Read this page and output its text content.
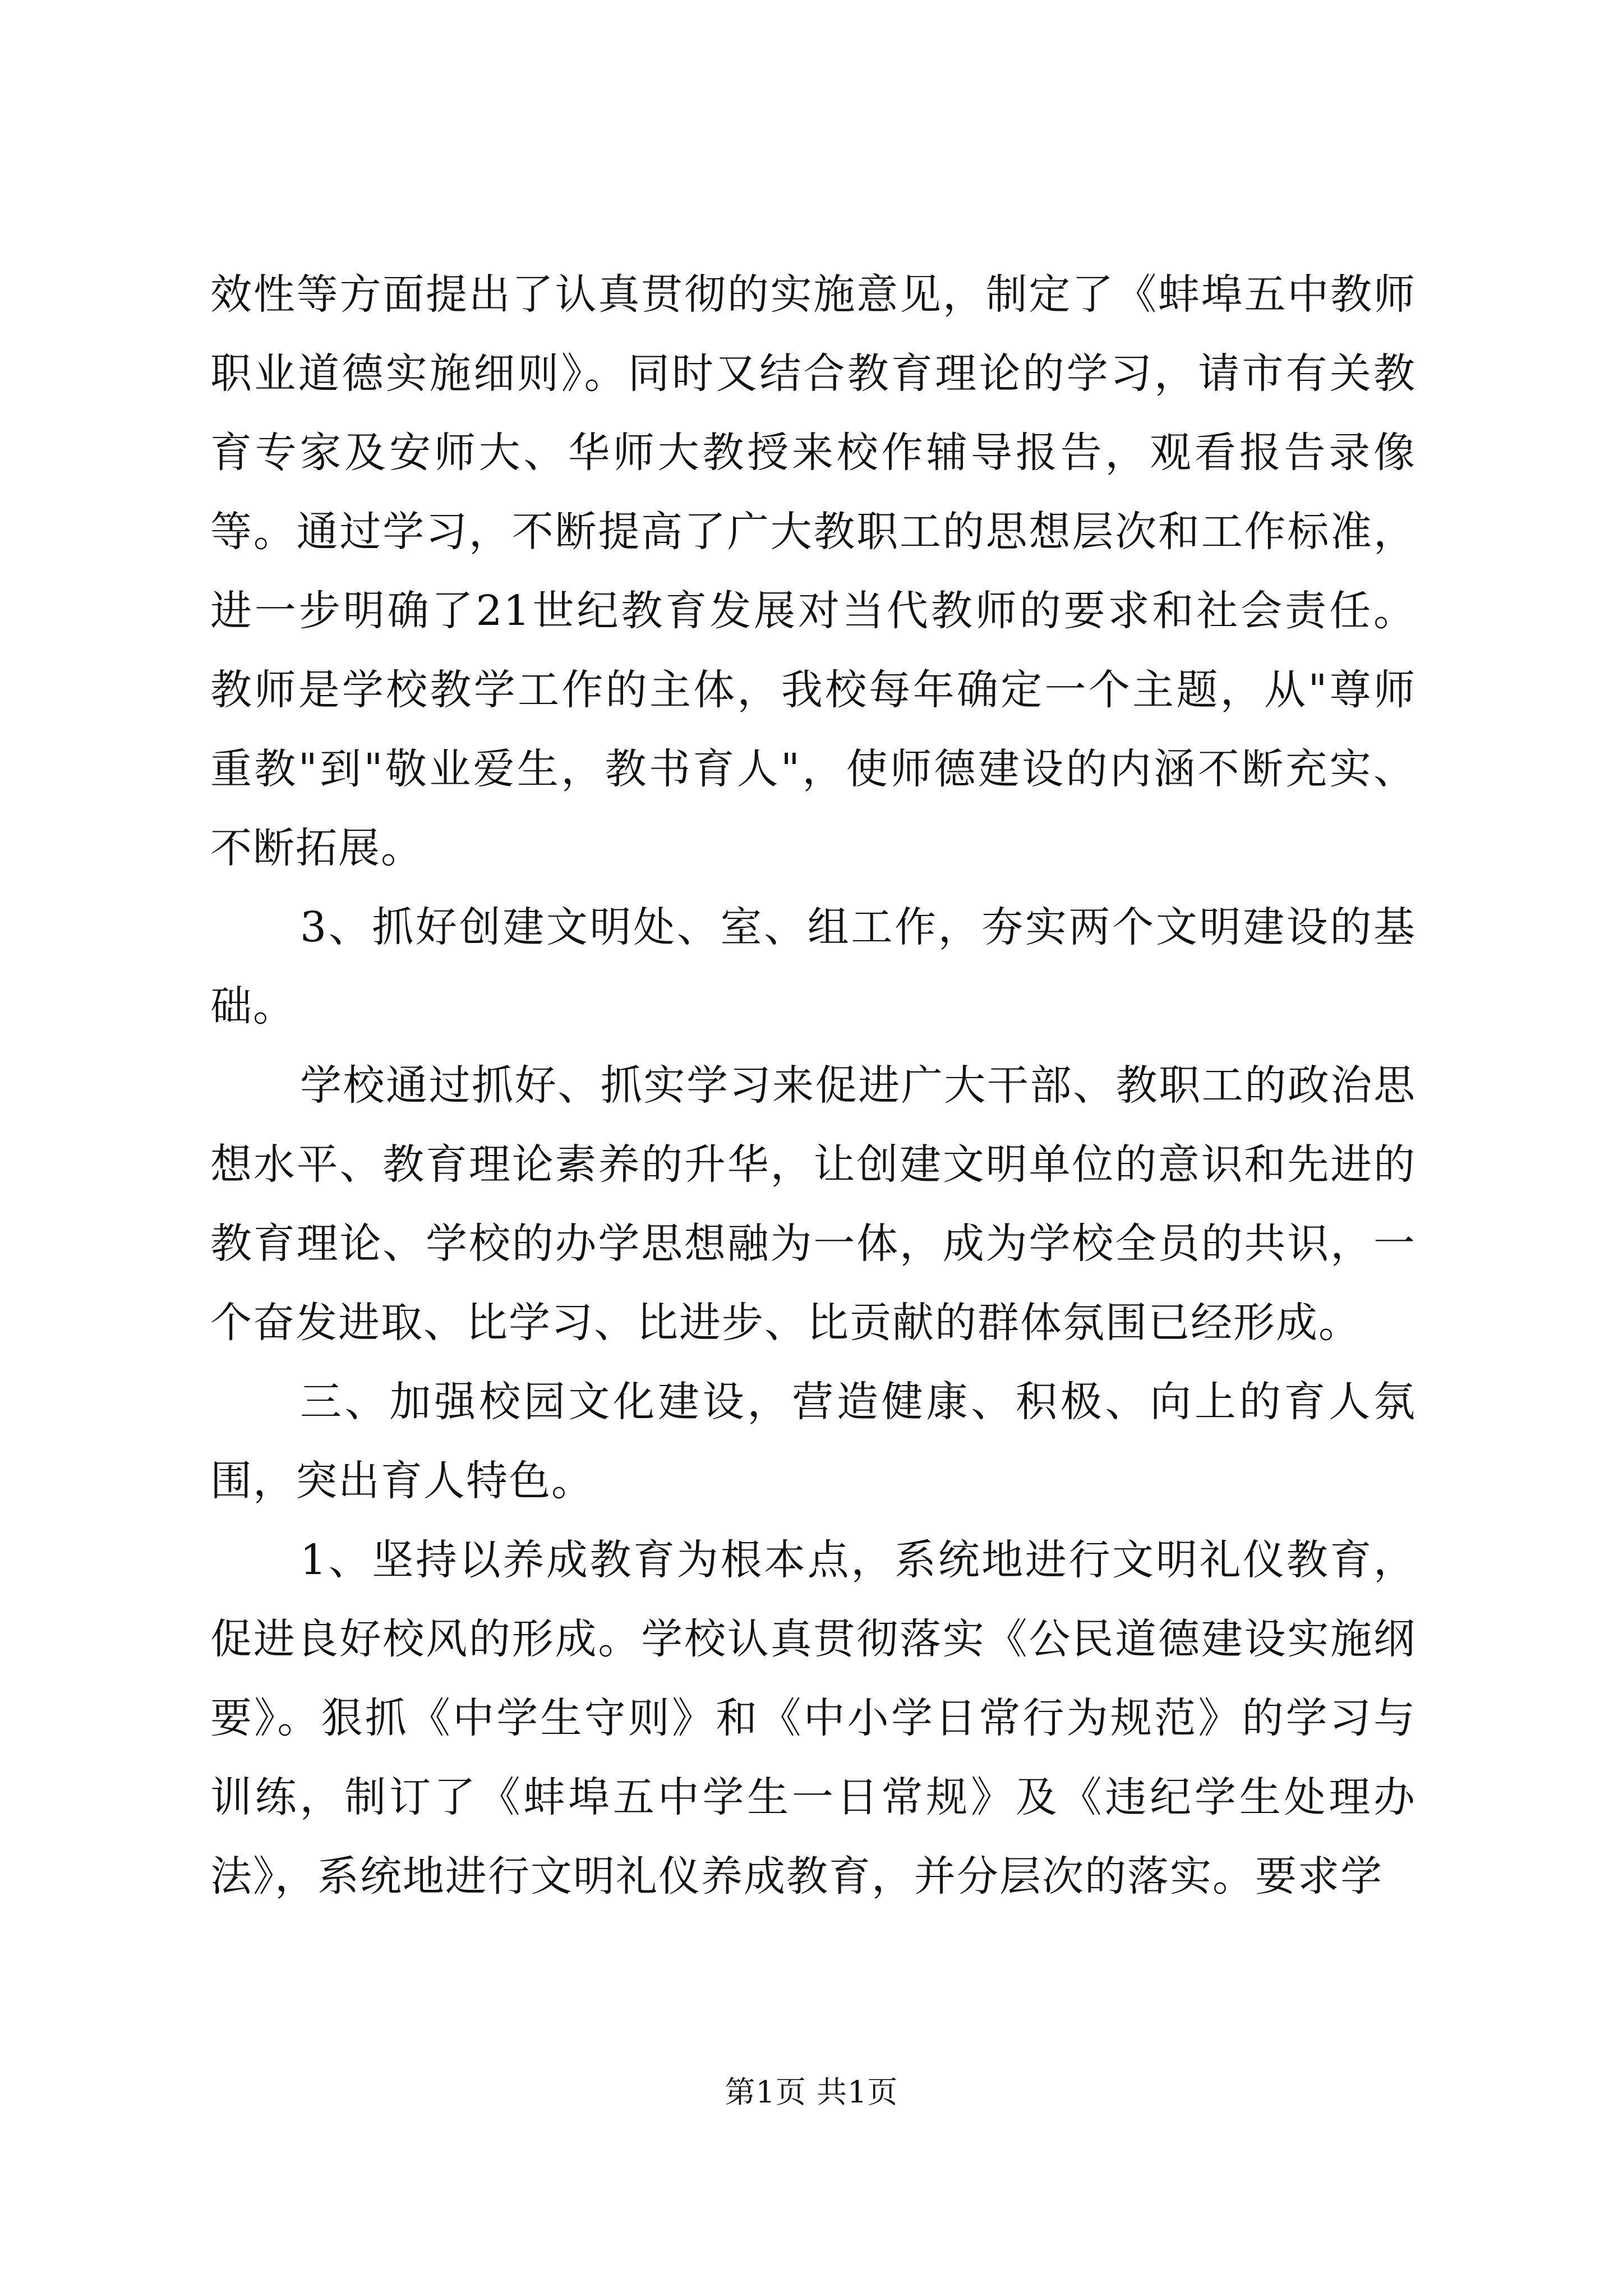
效性等方面提出了认真贯彻的实施意见，制定了《蚌埠五中教师职业道德实施细则》。同时又结合教育理论的学习，请市有关教育专家及安师大、华师大教授来校作辅导报告，观看报告录像等。通过学习，不断提高了广大教职工的思想层次和工作标准，进一步明确了21世纪教育发展对当代教师的要求和社会责任。教师是学校教学工作的主体，我校每年确定一个主题，从"尊师重教"到"敬业爱生，教书育人"，使师德建设的内涵不断充实、不断拓展。

3、抓好创建文明处、室、组工作，夯实两个文明建设的基础。

学校通过抓好、抓实学习来促进广大干部、教职工的政治思想水平、教育理论素养的升华，让创建文明单位的意识和先进的教育理论、学校的办学思想融为一体，成为学校全员的共识，一个奋发进取、比学习、比进步、比贡献的群体氛围已经形成。

三、加强校园文化建设，营造健康、积极、向上的育人氛围，突出育人特色。

1、坚持以养成教育为根本点，系统地进行文明礼仪教育，促进良好校风的形成。学校认真贯彻落实《公民道德建设实施纲要》。狠抓《中学生守则》和《中小学日常行为规范》的学习与训练，制订了《蚌埠五中学生一日常规》及《违纪学生处理办法》，系统地进行文明礼仪养成教育，并分层次的落实。要求学

第1页 共1页
